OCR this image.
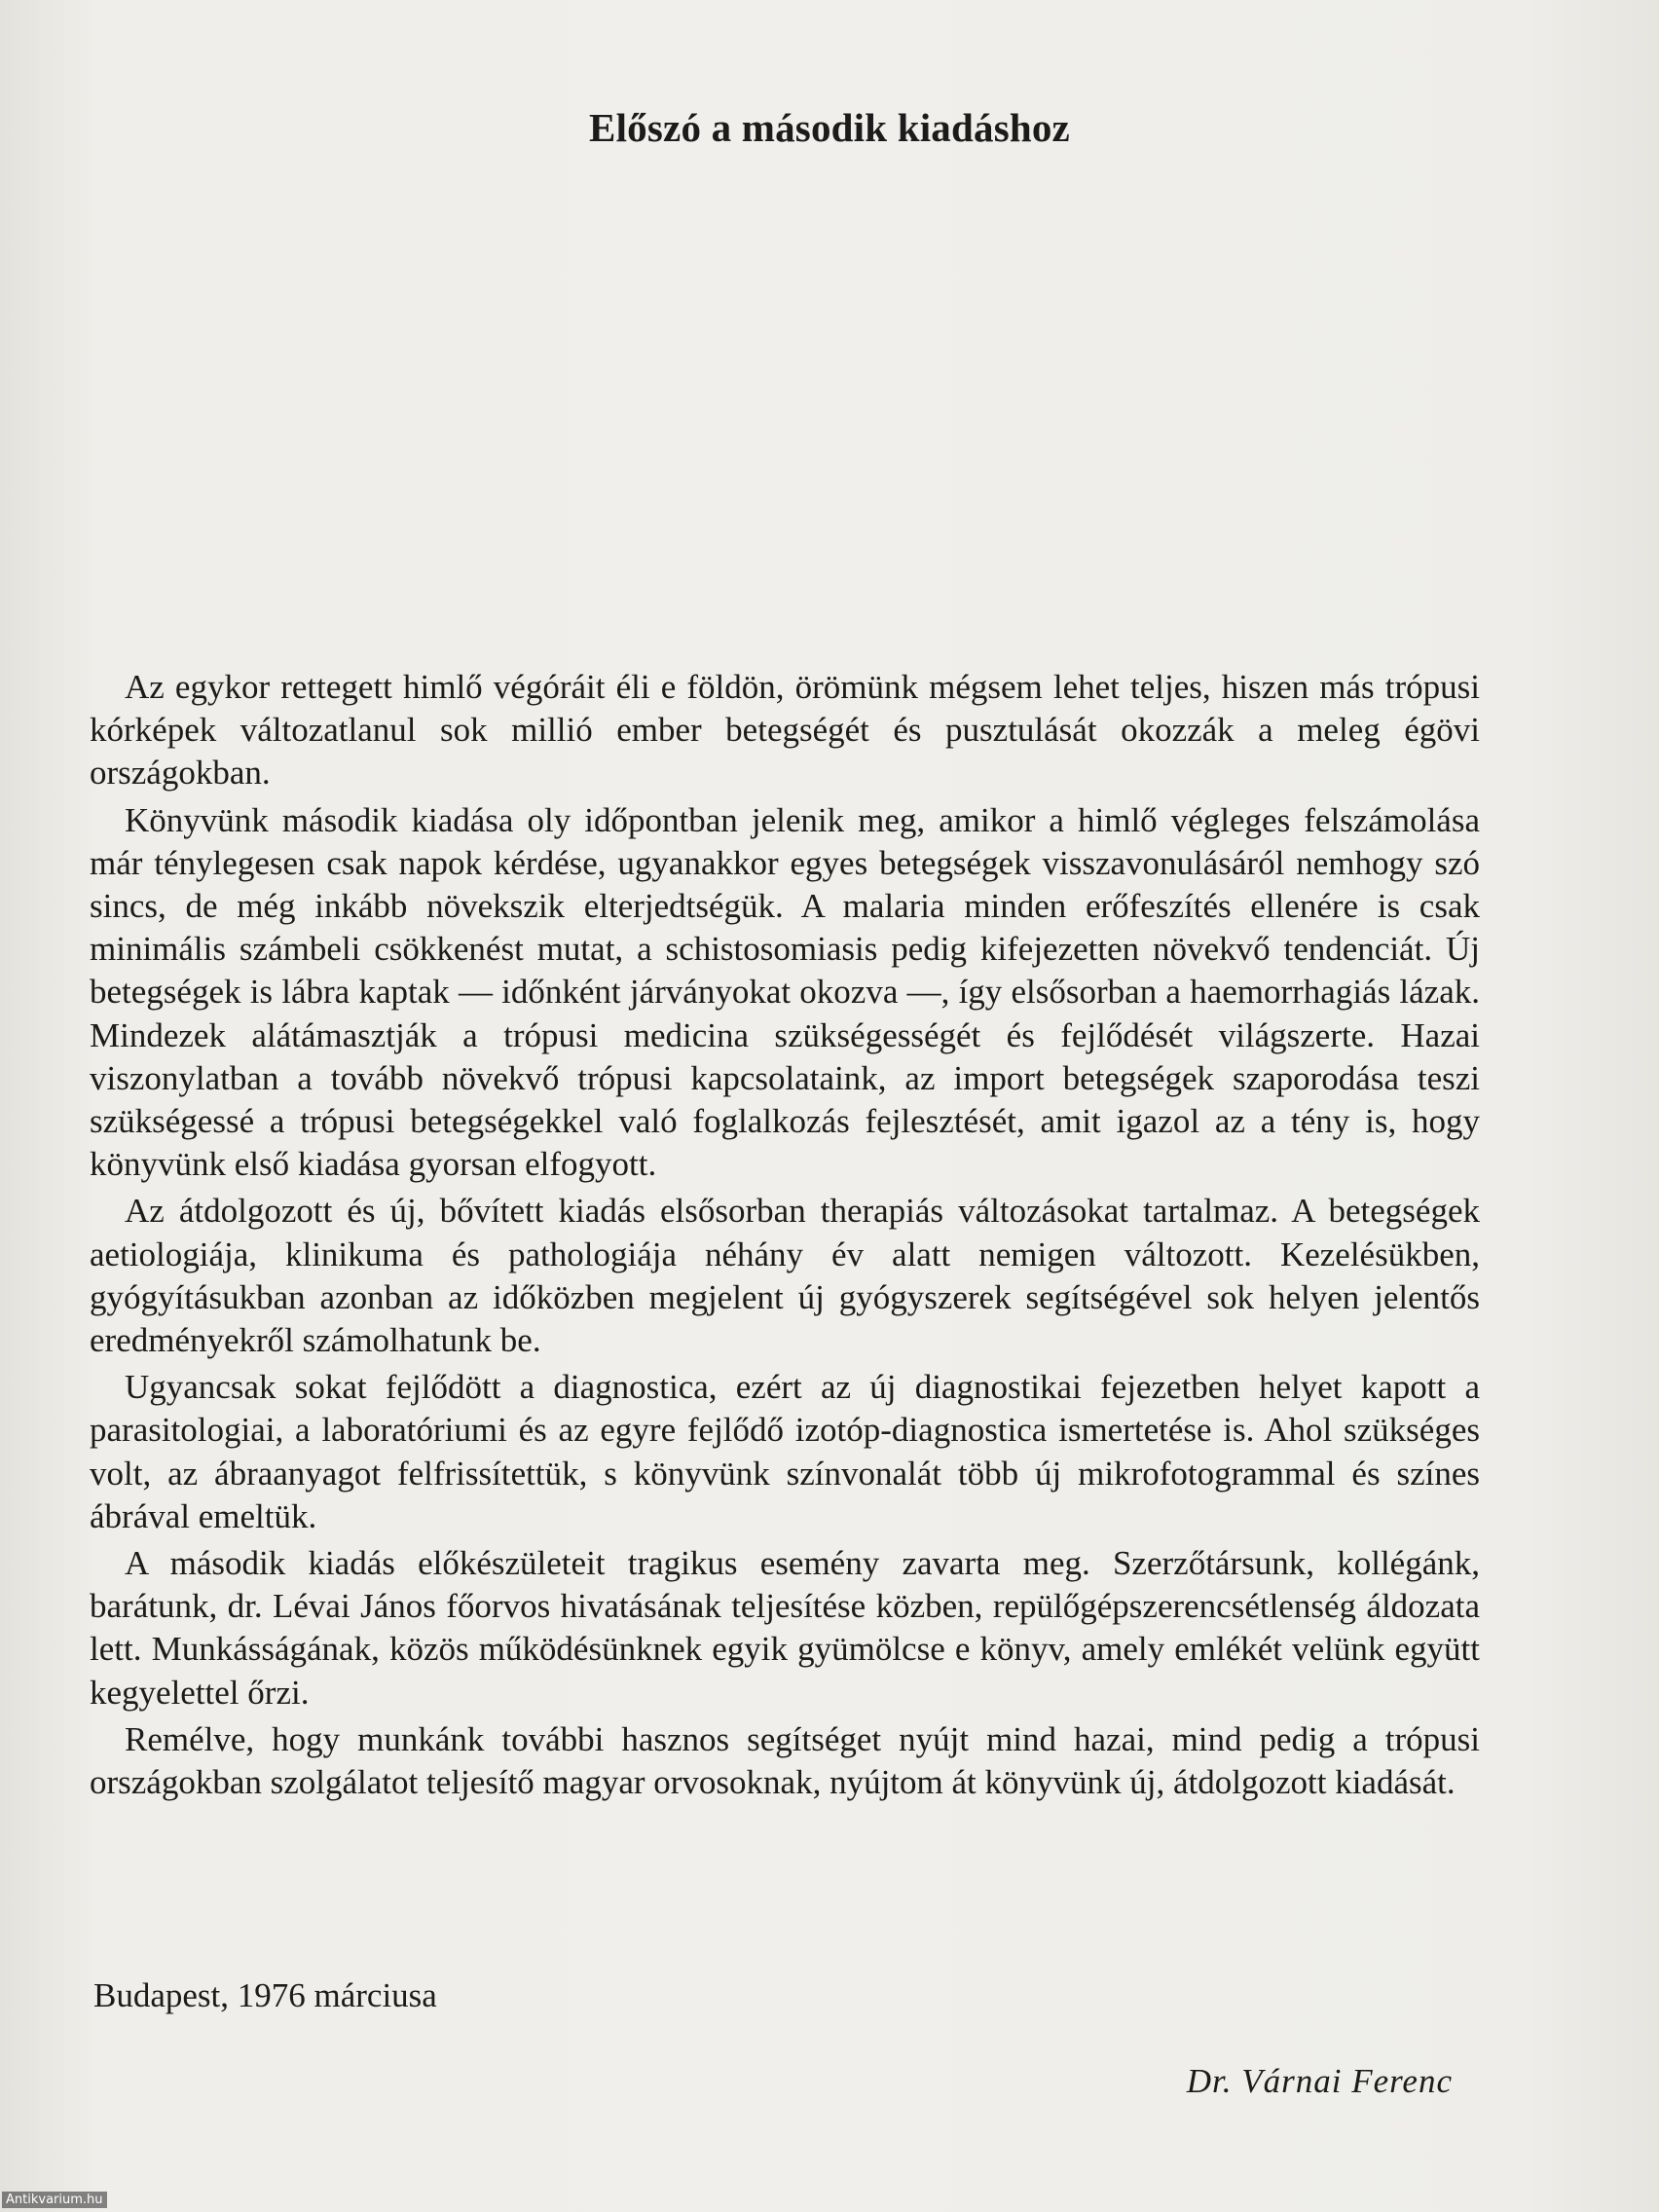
Előszó a második kiadáshoz

Az egykor rettegett himlő végóráit éli e földön, örömünk mégsem lehet teljes, hiszen más trópusi kórképek változatlanul sok millió ember betegségét és pusztulását okozzák a meleg égövi országokban.

Könyvünk második kiadása oly időpontban jelenik meg, amikor a himlő végleges felszámolása már ténylegesen csak napok kérdése, ugyanakkor egyes betegségek visszavonulásáról nemhogy szó sincs, de még inkább növekszik elterjedtségük. A malaria minden erőfeszítés ellenére is csak minimális számbeli csökkenést mutat, a schistosomiasis pedig kifejezetten növekvő tendenciát. Új betegségek is lábra kaptak — időnként járványokat okozva —, így elsősorban a haemorrhagiás lázak. Mindezek alátámasztják a trópusi medicina szükségességét és fejlődését világszerte. Hazai viszonylatban a tovább növekvő trópusi kapcsolataink, az import betegségek szaporodása teszi szükségessé a trópusi betegségekkel való foglalkozás fejlesztését, amit igazol az a tény is, hogy könyvünk első kiadása gyorsan elfogyott.

Az átdolgozott és új, bővített kiadás elsősorban therapiás változásokat tartalmaz. A betegségek aetiologiája, klinikuma és pathologiája néhány év alatt nemigen változott. Kezelésükben, gyógyításukban azonban az időközben megjelent új gyógyszerek segítségével sok helyen jelentős eredményekről számolhatunk be.

Ugyancsak sokat fejlődött a diagnostica, ezért az új diagnostikai fejezetben helyet kapott a parasitologiai, a laboratóriumi és az egyre fejlődő izotóp-diagnostica ismertetése is. Ahol szükséges volt, az ábraanyagot felfrissítettük, s könyvünk színvonalát több új mikrofotogrammal és színes ábrával emeltük.

A második kiadás előkészületeit tragikus esemény zavarta meg. Szerzőtársunk, kollégánk, barátunk, dr. Lévai János főorvos hivatásának teljesítése közben, repülőgépszerencsétlenség áldozata lett. Munkásságának, közös működésünknek egyik gyümölcse e könyv, amely emlékét velünk együtt kegyelettel őrzi.

Remélve, hogy munkánk további hasznos segítséget nyújt mind hazai, mind pedig a trópusi országokban szolgálatot teljesítő magyar orvosoknak, nyújtom át könyvünk új, átdolgozott kiadását.

Budapest, 1976 márciusa
Dr. Várnai Ferenc
Antikvarium.hu
